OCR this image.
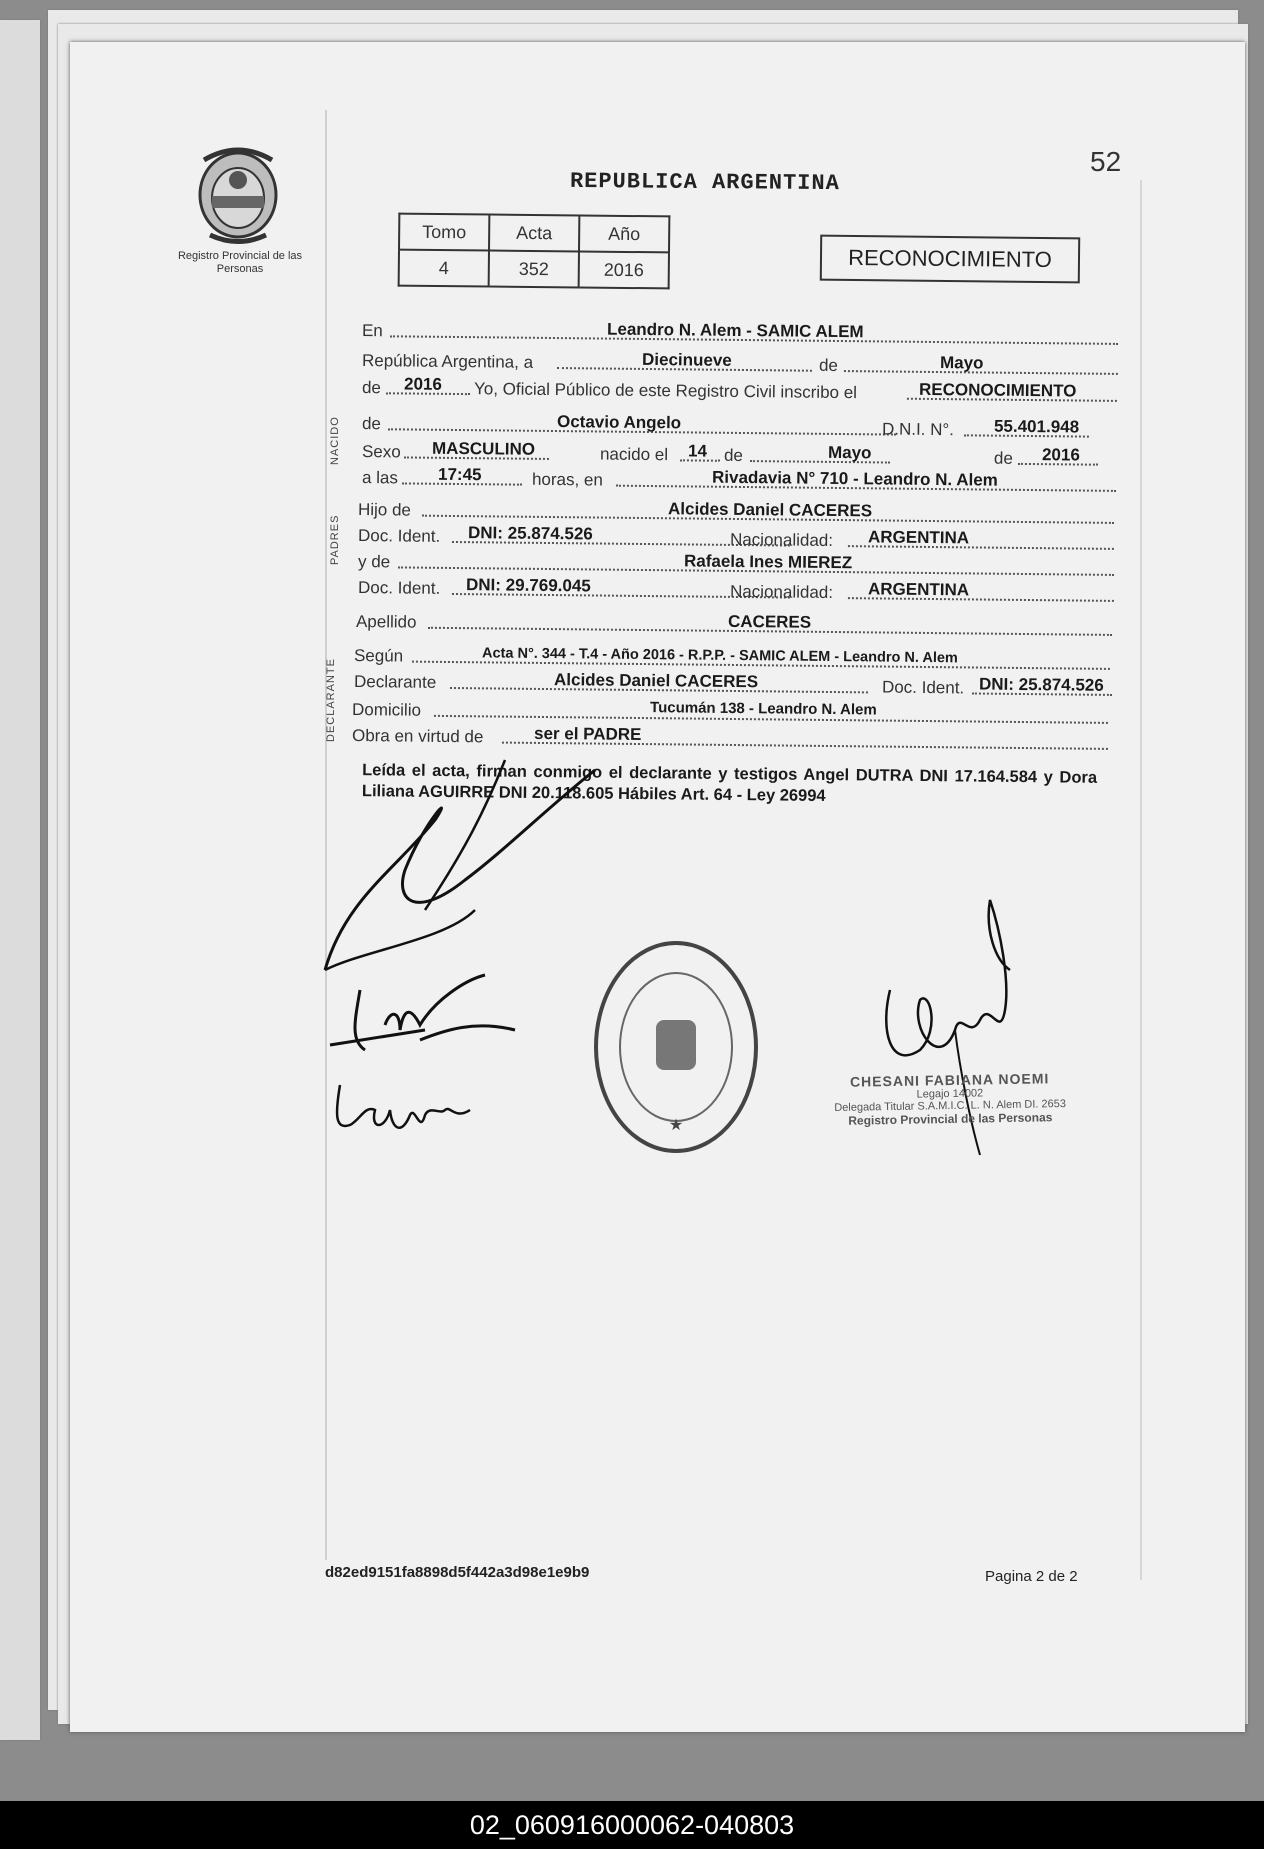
Registro Provincial de las Personas
52
REPUBLICA ARGENTINA
Tomo	Acta	Año
4	352	2016	RECONOCIMIENTO
NACIDO
PADRES
DECLARANTE
En	Leandro N. Alem - SAMIC ALEM
República Argentina, a	Diecinueve	de	Mayo
de 2016 Yo, Oficial Público de este Registro Civil inscribo el	RECONOCIMIENTO
de	Octavio Angelo	D.N.I. N°. 55.401.948
Sexo MASCULINO	nacido el 14 de	Mayo	de 2016
a las 17:45	horas, en	Rivadavia N° 710 - Leandro N. Alem
Hijo de	Alcides Daniel CACERES
Doc. Ident. DNI: 25.874.526	Nacionalidad: ARGENTINA
y de	Rafaela Ines MIEREZ
Doc. Ident. DNI: 29.769.045	Nacionalidad: ARGENTINA
Apellido	CACERES
Según	Acta N°. 344 - T.4 - Año 2016 - R.P.P. - SAMIC ALEM - Leandro N. Alem
Declarante	Alcides Daniel CACERES	Doc. Ident. DNI: 25.874.526
Domicilio	Tucumán 138 - Leandro N. Alem
Obra en virtud de	ser el PADRE
Leída el acta, firman conmigo el declarante y testigos Angel DUTRA DNI 17.164.584 y Dora Liliana AGUIRRE DNI 20.118.605 Hábiles Art. 64 - Ley 26994
★
CHESANI FABIANA NOEMI
Legajo 14002
Delegada Titular S.A.M.I.C. L. N. Alem DI. 2653
Registro Provincial de las Personas
d82ed9151fa8898d5f442a3d98e1e9b9	Pagina 2 de 2
02_060916000062-040803
